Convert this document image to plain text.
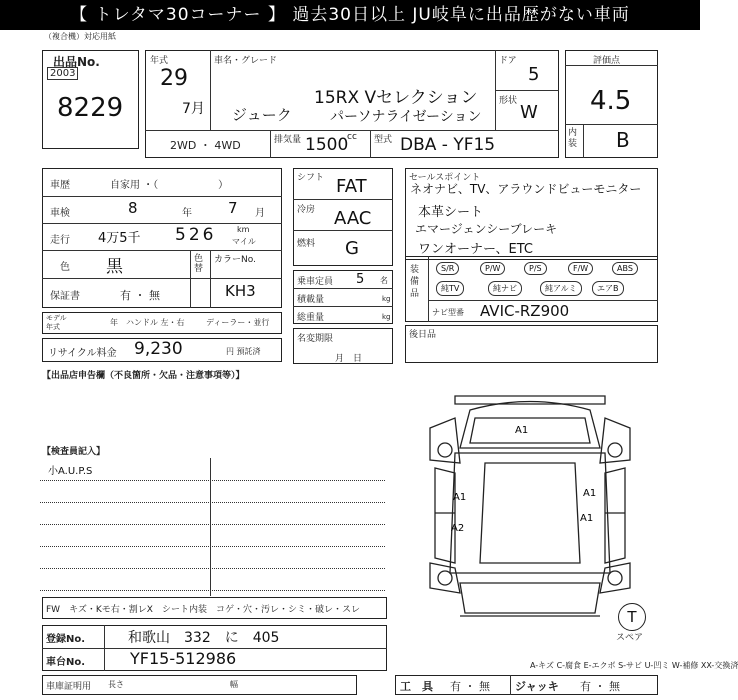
【 トレタマ30コーナー 】 過去30日以上 JU岐阜に出品歴がない車両
（複合機）対応用紙
出品No.
2003
8229
年式
29
7月
車名・グレード
15RX Vセレクション
ジューク	パーソナライゼーション
ドア
5
形状
W
2WD ・ 4WD	排気量 1500
cc 型式 DBA - YF15
評価点
4.5
内装 B
車歴	自家用 ・（　　　　　　）
車検	8	年 7 月
走行 4万5千 526	km
マイル
色 黒	色替
カラーNo.
KH3
保証書	有 ・ 無
モデル
年式	年 ハンドル 左・右	ディーラー・並行
リサイクル料金 9,230	円 預託済
シフト FAT
冷房 AAC
燃料 G
乗車定員 5 名
積載量	kg
総重量	kg
名変期限
月　日
セールスポイント
ネオナビ、TV、アラウンドビューモニター
本革シート
エマージェンシーブレーキ
ワンオーナー、ETC
装備品
S/R	P/W	P/S	F/W	ABS
純TV	純ナビ	純アルミ	エアB
ナビ型番 AVIC-RZ900
後日品
【出品店申告欄（不良箇所・欠品・注意事項等）】
【検査員記入】
小A.U.P.S
A1
A1	A1
A1
A2
T
スペア
FW　キズ・Kモ右・割レX　シート内装　コゲ・穴・汚レ・シミ・破レ・スレ
登録No.	和歌山　332　に　405
車台No.	YF15-512986
車庫証明用 長さ	幅
A-キズ C-腐食 E-エクボ S-サビ U-凹ミ W-補修 XX-交換済
工　具 有 ・ 無 ジャッキ 有 ・ 無
